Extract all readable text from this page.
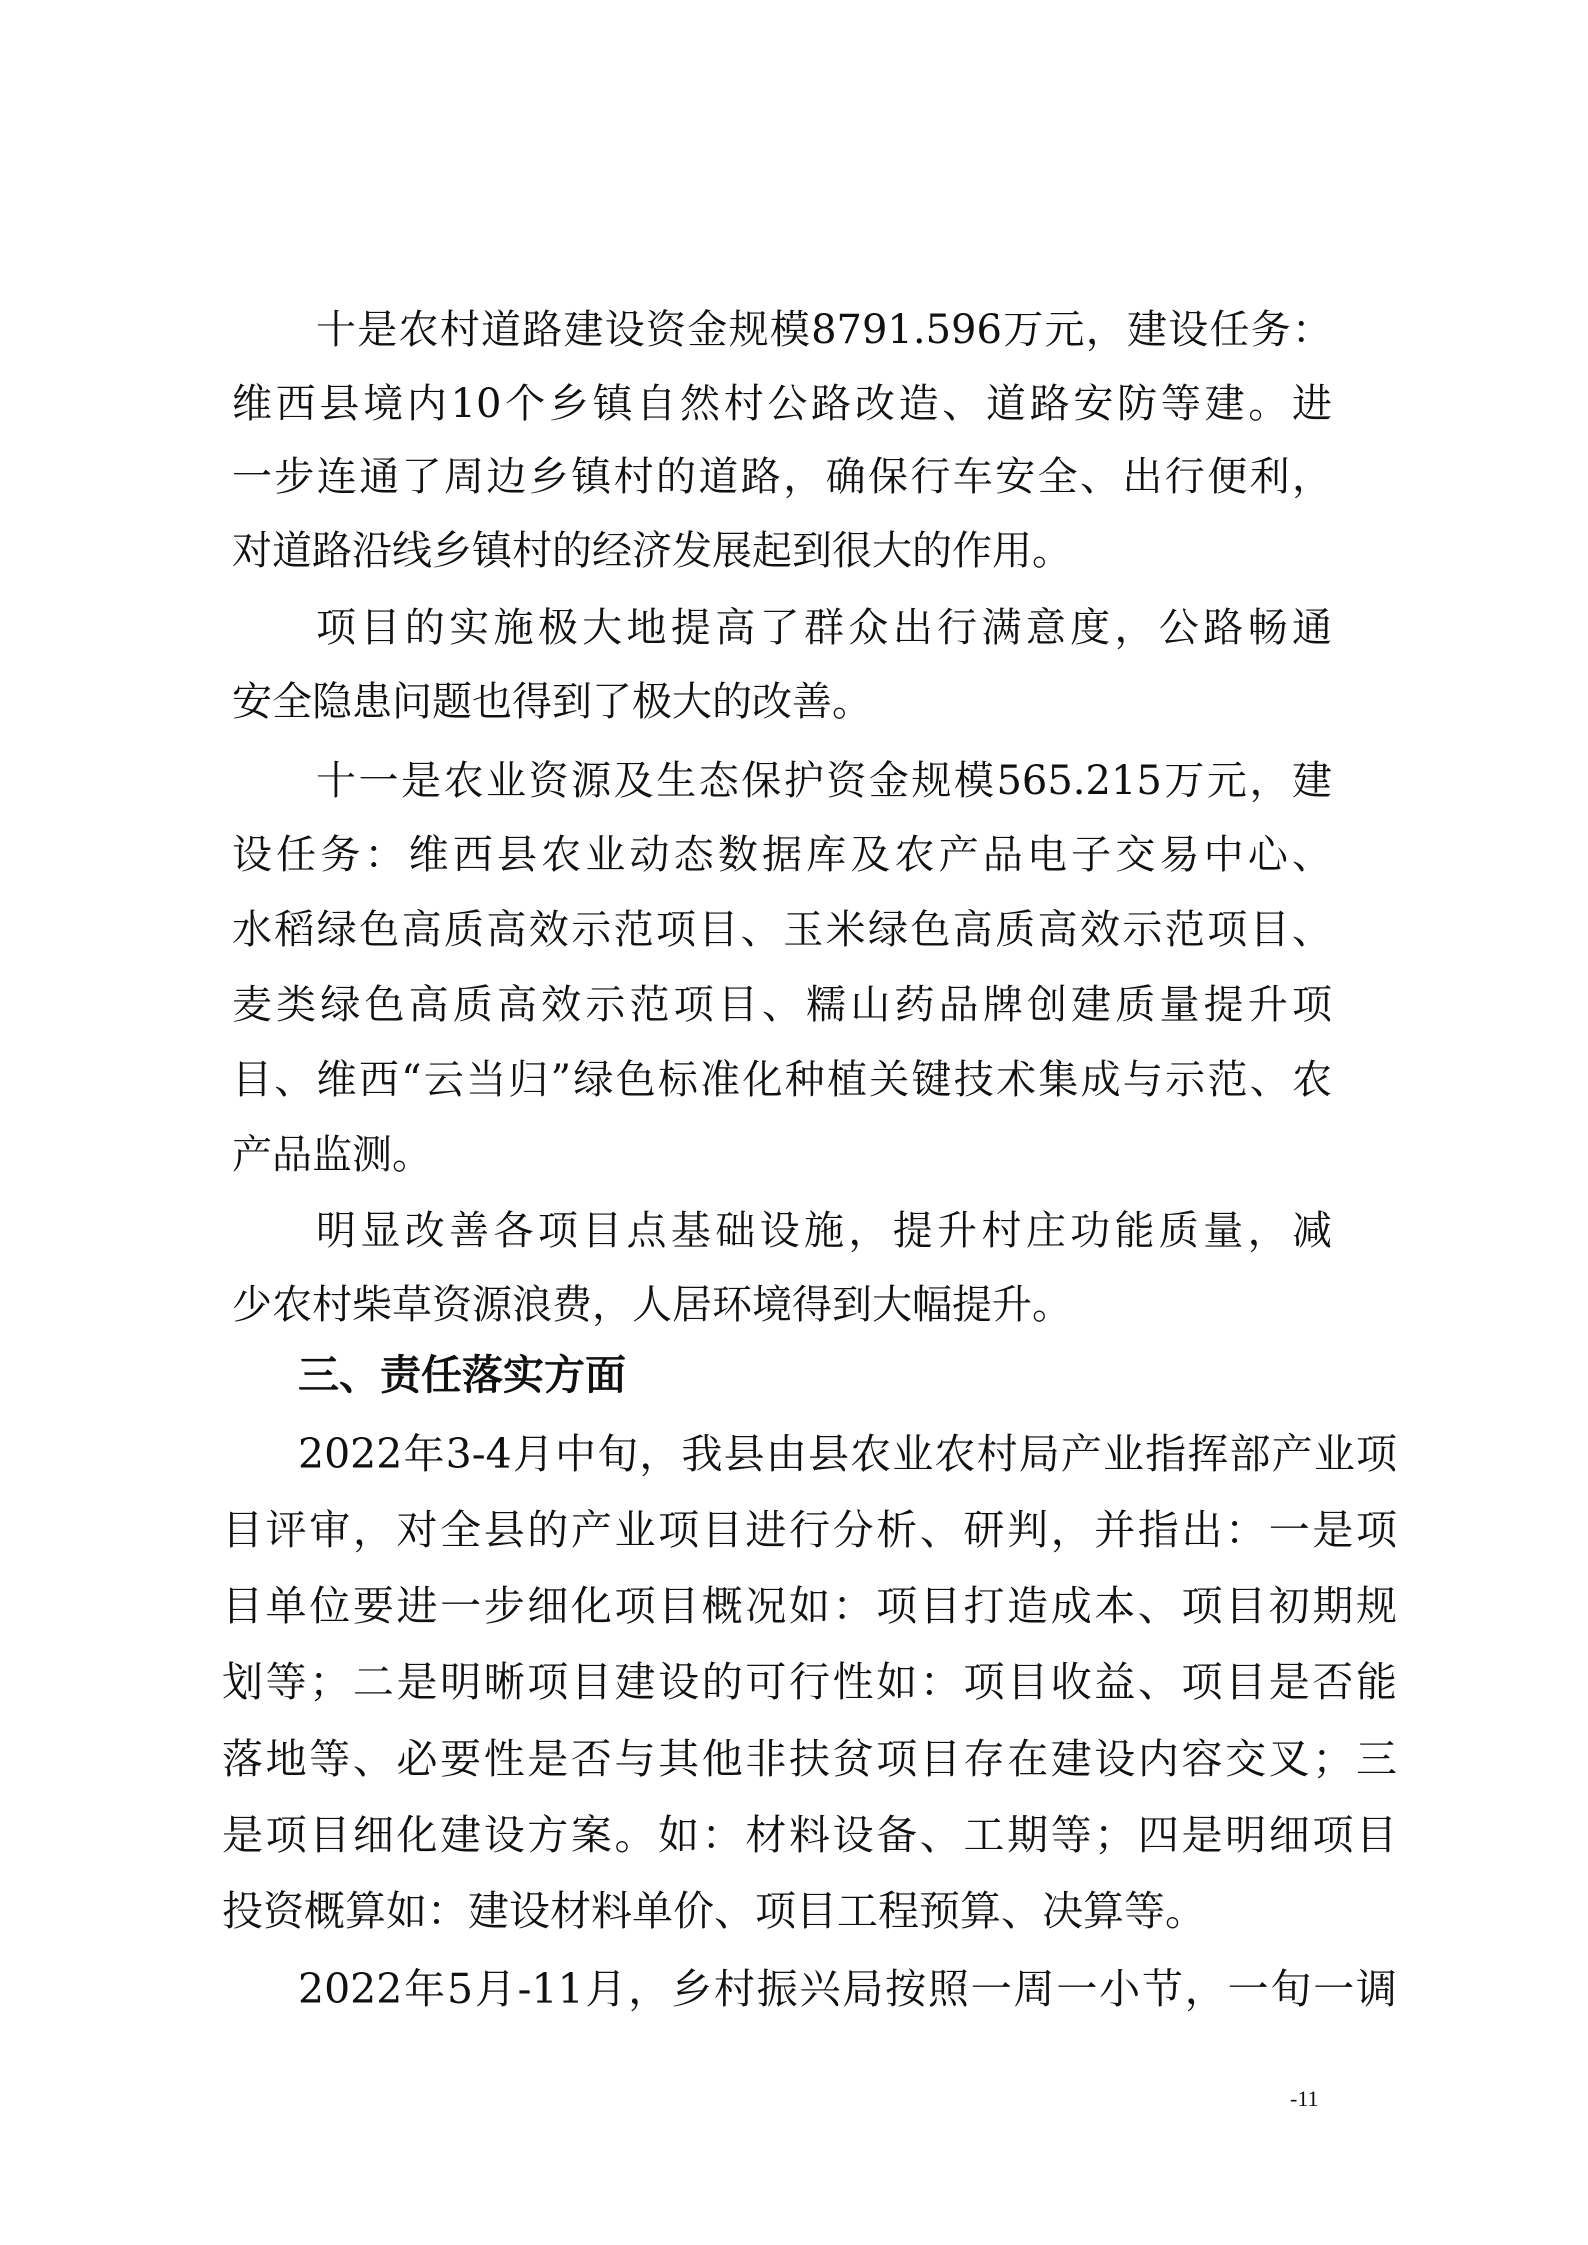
十是农村道路建设资金规模8791.596万元，建设任务：
维西县境内10个乡镇自然村公路改造、道路安防等建。进
一步连通了周边乡镇村的道路，确保行车安全、出行便利，
对道路沿线乡镇村的经济发展起到很大的作用。
项目的实施极大地提高了群众出行满意度，公路畅通
安全隐患问题也得到了极大的改善。
十一是农业资源及生态保护资金规模565.215万元，建
设任务：维西县农业动态数据库及农产品电子交易中心、
水稻绿色高质高效示范项目、玉米绿色高质高效示范项目、
麦类绿色高质高效示范项目、糯山药品牌创建质量提升项
目、维西“云当归”绿色标准化种植关键技术集成与示范、农
产品监测。
明显改善各项目点基础设施，提升村庄功能质量，减
少农村柴草资源浪费，人居环境得到大幅提升。
三、责任落实方面
2022年3-4月中旬，我县由县农业农村局产业指挥部产业项
目评审，对全县的产业项目进行分析、研判，并指出：一是项
目单位要进一步细化项目概况如：项目打造成本、项目初期规
划等；二是明晰项目建设的可行性如：项目收益、项目是否能
落地等、必要性是否与其他非扶贫项目存在建设内容交叉；三
是项目细化建设方案。如：材料设备、工期等；四是明细项目
投资概算如：建设材料单价、项目工程预算、决算等。
2022年5月-11月，乡村振兴局按照一周一小节，一旬一调
-11
